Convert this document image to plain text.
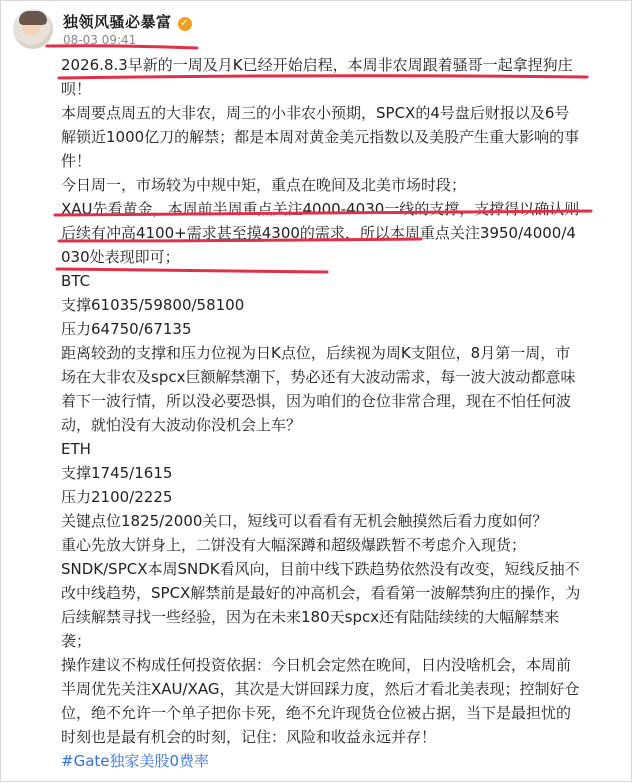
独领风骚必暴富 ✓
08-03 09:41

2026.8.3早新的一周及月K已经开始启程，本周非农周跟着骚哥一起拿捏狗庄呗！

本周要点周五的大非农，周三的小非农小预期，SPCX的4号盘后财报以及6号解锁近1000亿刀的解禁；都是本周对黄金美元指数以及美股产生重大影响的事件！

今日周一，市场较为中规中矩，重点在晚间及北美市场时段；

XAU先看黄金，本周前半周重点关注4000-4030一线的支撑，支撑得以确认则后续有冲高4100+需求甚至摸4300的需求，所以本周重点关注3950/4000/4030处表现即可；

BTC

支撑61035/59800/58100

压力64750/67135

距离较劲的支撑和压力位视为日K点位，后续视为周K支阻位，8月第一周，市场在大非农及spcx巨额解禁潮下，势必还有大波动需求，每一波大波动都意味着下一波行情，所以没必要恐惧，因为咱们的仓位非常合理，现在不怕任何波动，就怕没有大波动你没机会上车？

ETH

支撑1745/1615

压力2100/2225

关键点位1825/2000关口，短线可以看看有无机会触摸然后看力度如何？

重心先放大饼身上，二饼没有大幅深蹲和超级爆跌暂不考虑介入现货；

SNDK/SPCX本周SNDK看风向，目前中线下跌趋势依然没有改变，短线反抽不改中线趋势，SPCX解禁前是最好的冲高机会，看看第一波解禁狗庄的操作，为后续解禁寻找一些经验，因为在未来180天spcx还有陆陆续续的大幅解禁来袭；

操作建议不构成任何投资依据：今日机会定然在晚间，日内没啥机会，本周前半周优先关注XAU/XAG，其次是大饼回踩力度，然后才看北美表现；控制好仓位，绝不允许一个单子把你卡死，绝不允许现货仓位被占据，当下是最担忧的时刻也是最有机会的时刻，记住：风险和收益永远并存！

#Gate独家美股0费率
